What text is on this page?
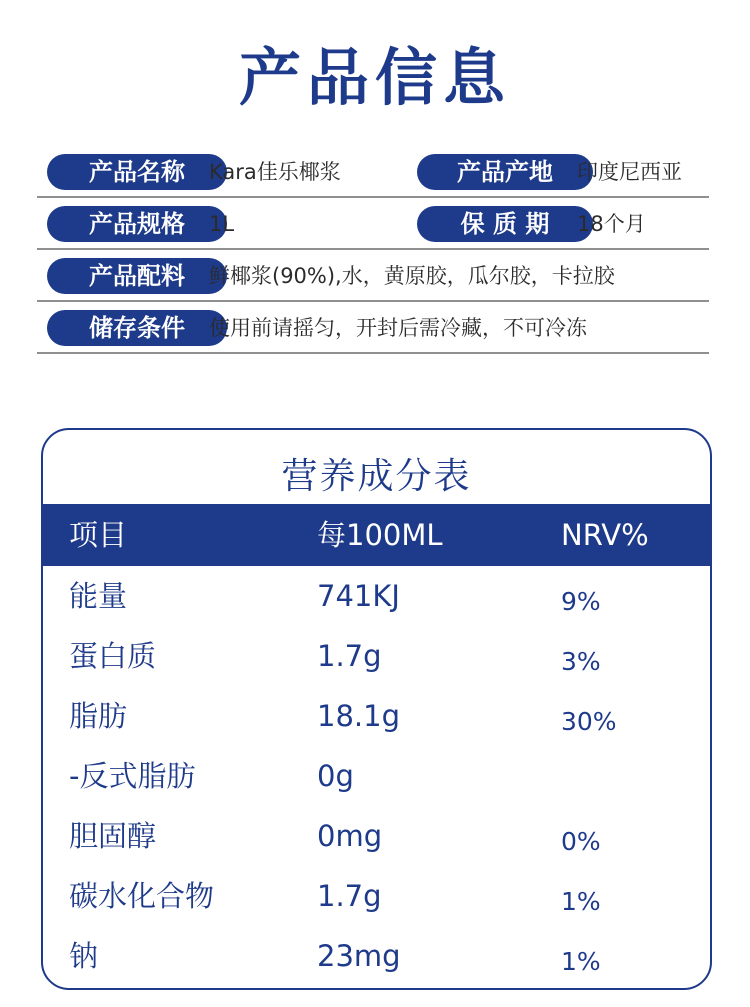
产品信息
产品名称	Kara佳乐椰浆	产品产地	印度尼西亚
产品规格	1L	保 质 期	18个月
产品配料	鲜椰浆(90%),水，黄原胶，瓜尔胶，卡拉胶
储存条件	使用前请摇匀，开封后需冷藏，不可冷冻
营养成分表
项目	每100ML	NRV%
能量	741KJ	9%
蛋白质	1.7g	3%
脂肪	18.1g	30%
-反式脂肪	0g
胆固醇	0mg	0%
碳水化合物	1.7g	1%
钠	23mg	1%
